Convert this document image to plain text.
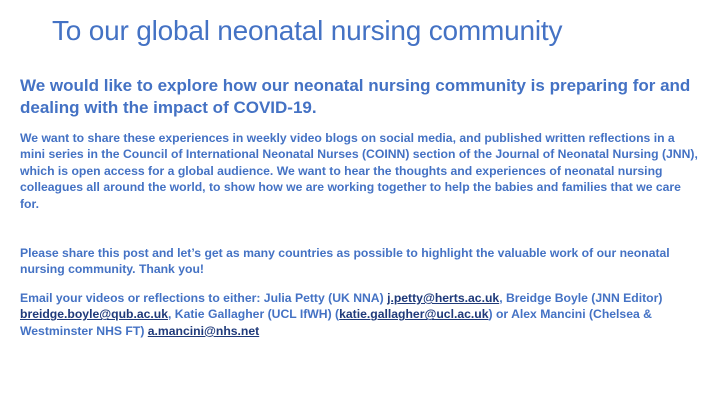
To our global neonatal nursing community
We would like to explore how our neonatal nursing community is preparing for and dealing with the impact of COVID-19.
We want to share these experiences in weekly video blogs on social media, and published written reflections in a mini series in the Council of International Neonatal Nurses (COINN) section of the Journal of Neonatal Nursing (JNN), which is open access for a global audience. We want to hear the thoughts and experiences of neonatal nursing colleagues all around the world, to show how we are working together to help the babies and families that we care for.
Please share this post and let’s get as many countries as possible to highlight the valuable work of our neonatal nursing community. Thank you!
Email your videos or reflections to either: Julia Petty (UK NNA) j.petty@herts.ac.uk, Breidge Boyle (JNN Editor) breidge.boyle@qub.ac.uk, Katie Gallagher (UCL IfWH) (katie.gallagher@ucl.ac.uk) or Alex Mancini (Chelsea & Westminster NHS FT) a.mancini@nhs.net
